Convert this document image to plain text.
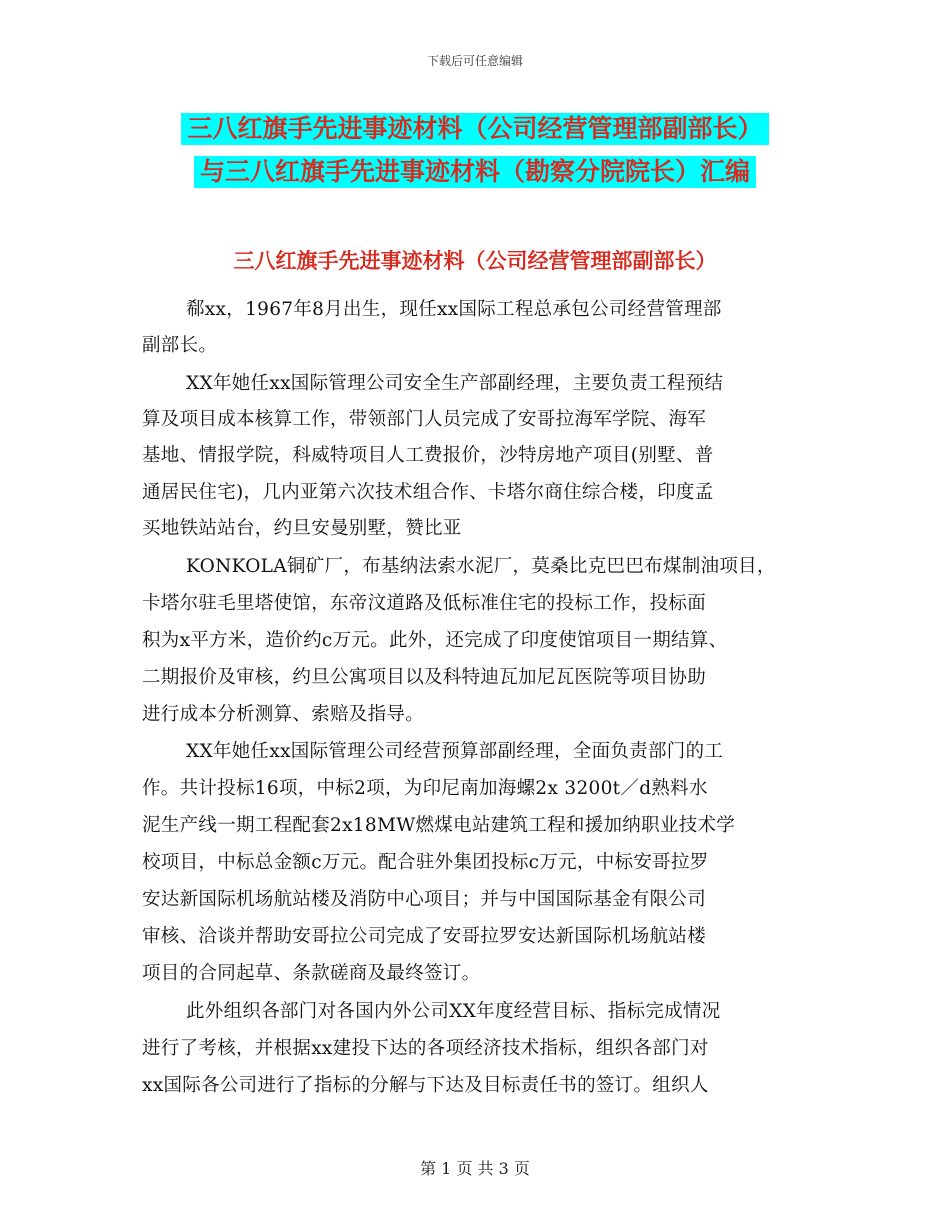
下载后可任意编辑
三八红旗手先进事迹材料（公司经营管理部副部长）
与三八红旗手先进事迹材料（勘察分院院长）汇编
三八红旗手先进事迹材料（公司经营管理部副部长）
郗xx，1967年8月出生，现任xx国际工程总承包公司经营管理部
副部长。
XX年她任xx国际管理公司安全生产部副经理，主要负责工程预结
算及项目成本核算工作，带领部门人员完成了安哥拉海军学院、海军
基地、情报学院，科威特项目人工费报价，沙特房地产项目(别墅、普
通居民住宅)，几内亚第六次技术组合作、卡塔尔商住综合楼，印度孟
买地铁站站台，约旦安曼别墅，赞比亚
KONKOLA铜矿厂，布基纳法索水泥厂，莫桑比克巴巴布煤制油项目，
卡塔尔驻毛里塔使馆，东帝汶道路及低标准住宅的投标工作，投标面
积为x平方米，造价约c万元。此外，还完成了印度使馆项目一期结算、
二期报价及审核，约旦公寓项目以及科特迪瓦加尼瓦医院等项目协助
进行成本分析测算、索赔及指导。
XX年她任xx国际管理公司经营预算部副经理，全面负责部门的工
作。共计投标16项，中标2项，为印尼南加海螺2x 3200t／d熟料水
泥生产线一期工程配套2x18MW燃煤电站建筑工程和援加纳职业技术学
校项目，中标总金额c万元。配合驻外集团投标c万元，中标安哥拉罗
安达新国际机场航站楼及消防中心项目；并与中国国际基金有限公司
审核、洽谈并帮助安哥拉公司完成了安哥拉罗安达新国际机场航站楼
项目的合同起草、条款磋商及最终签订。
此外组织各部门对各国内外公司XX年度经营目标、指标完成情况
进行了考核，并根据xx建投下达的各项经济技术指标，组织各部门对
xx国际各公司进行了指标的分解与下达及目标责任书的签订。组织人
第 1 页 共 3 页
